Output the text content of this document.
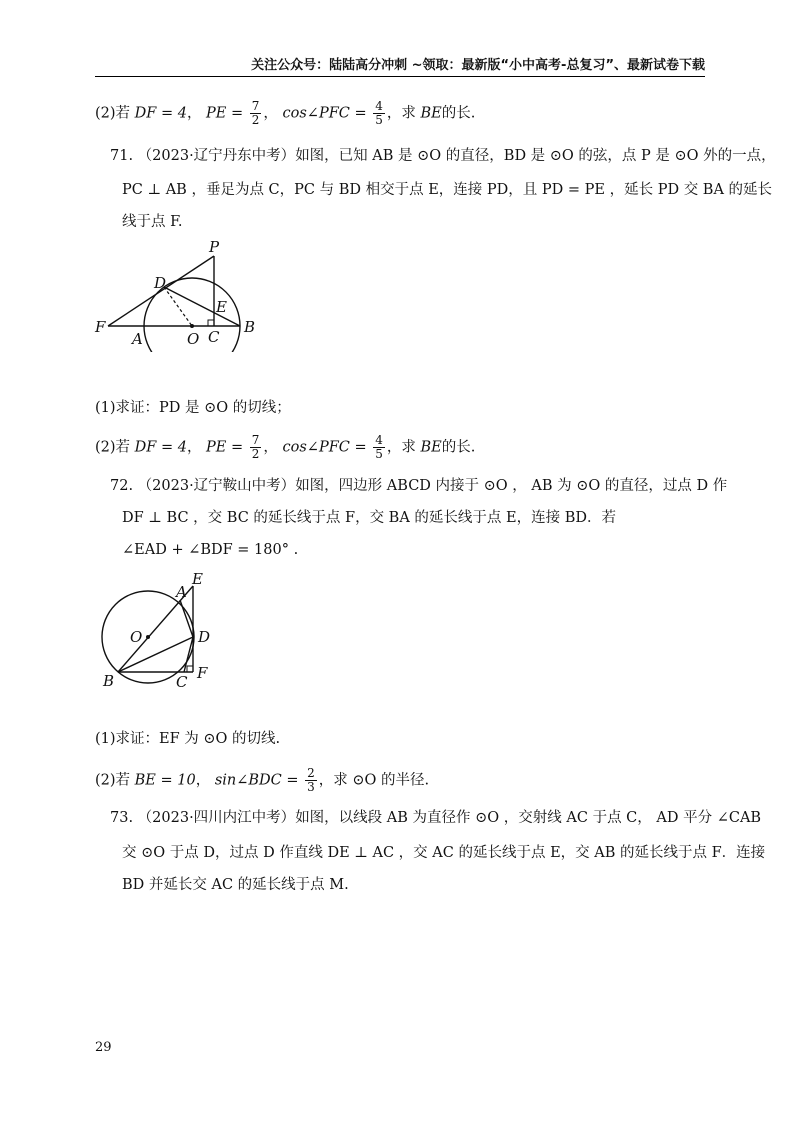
关注公众号：陆陆高分冲刺 ~领取：最新版“小中高考-总复习”、最新试卷下载
(2)若 DF = 4， PE = $\frac{7}{2}$ ， cos∠PFC = $\frac{4}{5}$ ，求 BE的长.
71. （2023·辽宁丹东中考）如图，已知 AB 是 ⊙O 的直径，BD 是 ⊙O 的弦，点 P 是 ⊙O 外的一点，
PC ⊥ AB ，垂足为点 C，PC 与 BD 相交于点 E，连接 PD，且 PD = PE ，延长 PD 交 BA 的延长
线于点 F.
P
D
E
F
A	O C
B
(1)求证：PD 是 ⊙O 的切线；
(2)若 DF = 4， PE = $\frac{7}{2}$ ， cos∠PFC = $\frac{4}{5}$ ，求 BE的长.
72. （2023·辽宁鞍山中考）如图，四边形 ABCD 内接于 ⊙O ， AB 为 ⊙O 的直径，过点 D 作
DF ⊥ BC ，交 BC 的延长线于点 F，交 BA 的延长线于点 E，连接 BD．若
∠EAD + ∠BDF = 180° .
E
A
O	D
B	C F
(1)求证：EF 为 ⊙O 的切线.
(2)若 BE = 10， sin∠BDC = $\frac{2}{3}$ ，求 ⊙O 的半径.
73. （2023·四川内江中考）如图，以线段 AB 为直径作 ⊙O ，交射线 AC 于点 C， AD 平分 ∠CAB
交 ⊙O 于点 D，过点 D 作直线 DE ⊥ AC ，交 AC 的延长线于点 E，交 AB 的延长线于点 F．连接
BD 并延长交 AC 的延长线于点 M.
29
